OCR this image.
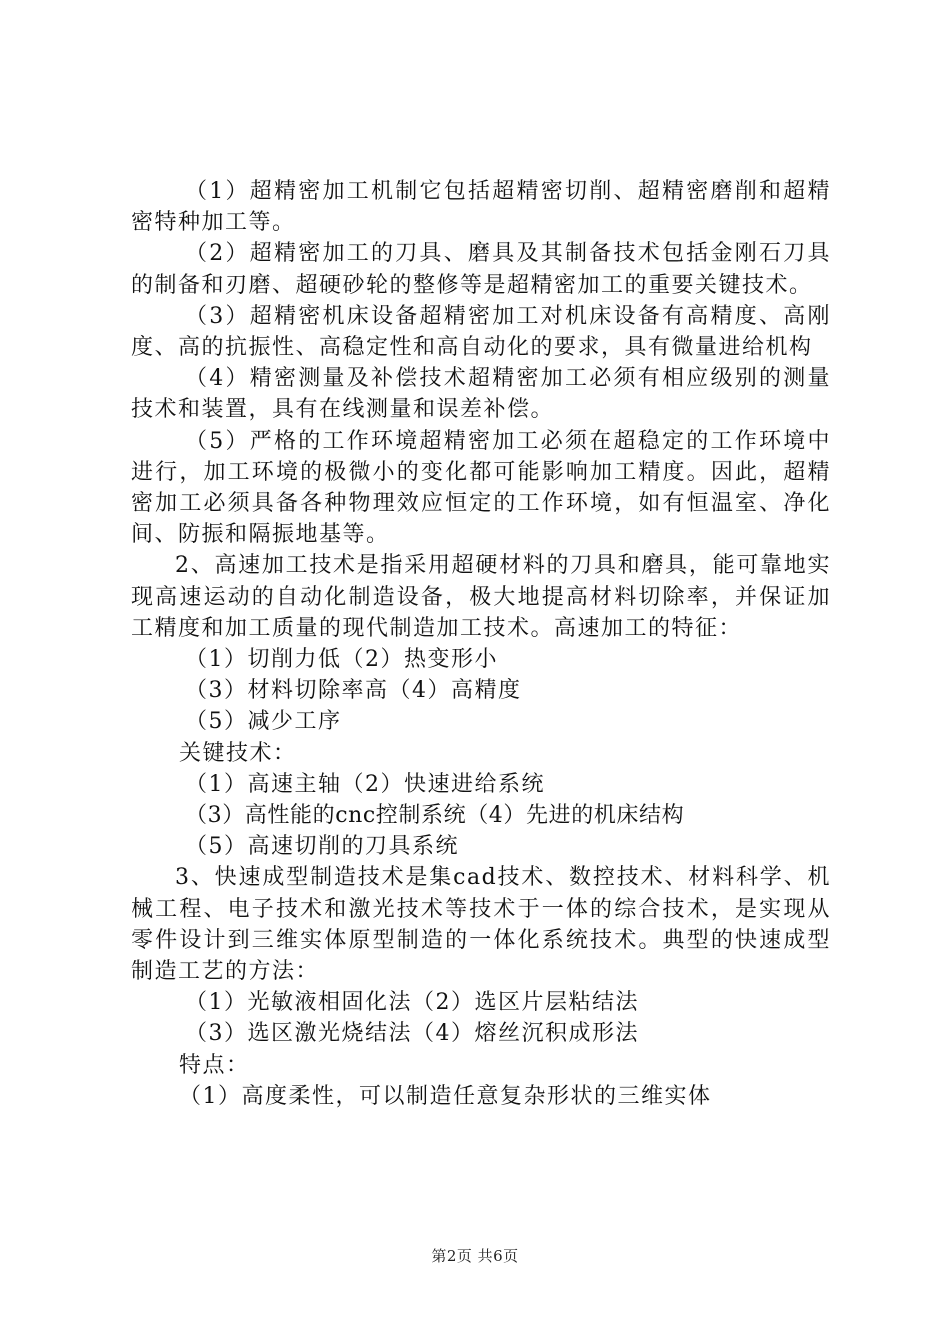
（1）超精密加工机制它包括超精密切削、超精密磨削和超精密特种加工等。

（2）超精密加工的刀具、磨具及其制备技术包括金刚石刀具的制备和刃磨、超硬砂轮的整修等是超精密加工的重要关键技术。

（3）超精密机床设备超精密加工对机床设备有高精度、高刚度、高的抗振性、高稳定性和高自动化的要求，具有微量进给机构

（4）精密测量及补偿技术超精密加工必须有相应级别的测量技术和装置，具有在线测量和误差补偿。

（5）严格的工作环境超精密加工必须在超稳定的工作环境中进行，加工环境的极微小的变化都可能影响加工精度。因此，超精密加工必须具备各种物理效应恒定的工作环境，如有恒温室、净化间、防振和隔振地基等。

2、高速加工技术是指采用超硬材料的刀具和磨具，能可靠地实现高速运动的自动化制造设备，极大地提高材料切除率，并保证加工精度和加工质量的现代制造加工技术。高速加工的特征：

（1）切削力低（2）热变形小

（3）材料切除率高（4）高精度

（5）减少工序

关键技术：

（1）高速主轴（2）快速进给系统

（3）高性能的cnc控制系统（4）先进的机床结构

（5）高速切削的刀具系统

3、快速成型制造技术是集cad技术、数控技术、材料科学、机械工程、电子技术和激光技术等技术于一体的综合技术，是实现从零件设计到三维实体原型制造的一体化系统技术。典型的快速成型制造工艺的方法：

（1）光敏液相固化法（2）选区片层粘结法

（3）选区激光烧结法（4）熔丝沉积成形法

特点：

（1）高度柔性，可以制造任意复杂形状的三维实体

第2页 共6页
